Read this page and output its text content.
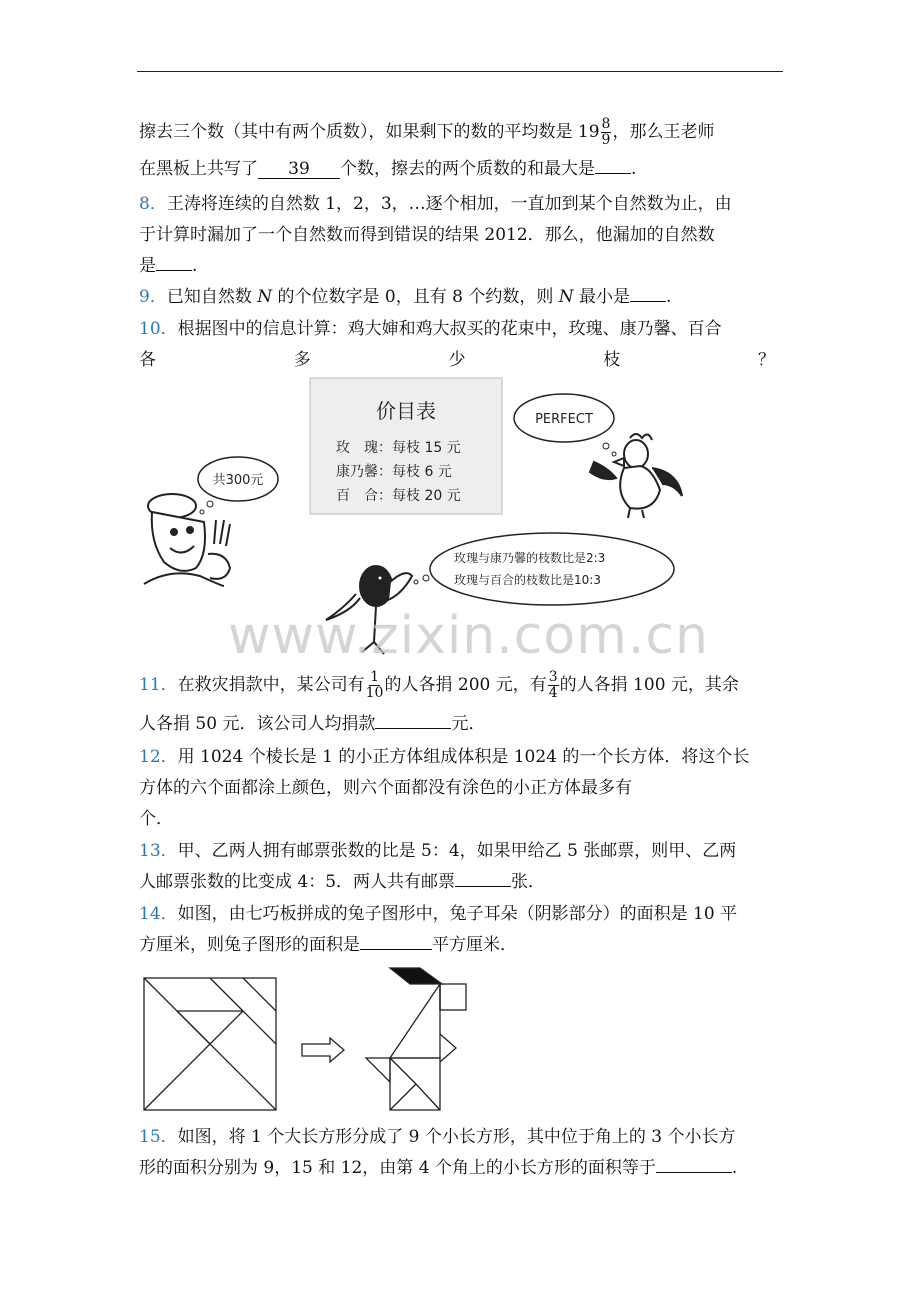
擦去三个数（其中有两个质数），如果剩下的数的平均数是 $19 \frac{8}{9}$ ，那么王老师
在黑板上共写了 39 个数，擦去的两个质数的和最大是 .
8．王涛将连续的自然数 1，2，3，…逐个相加，一直加到某个自然数为止，由
于计算时漏加了一个自然数而得到错误的结果 2012．那么，他漏加的自然数
是 .
9．已知自然数 N 的个位数字是 0，且有 8 个约数，则 N 最小是 .
10．根据图中的信息计算：鸡大婶和鸡大叔买的花束中，玫瑰、康乃馨、百合
各	多	少	枝	？
价目表
玫　瑰：每枝 15 元
康乃馨：每枝 6 元
百　合：每枝 20 元
共300元
PERFECT
玫瑰与康乃馨的枝数比是2:3
玫瑰与百合的枝数比是10:3
www.zixin.com.cn
11．在救灾捐款中，某公司有 $\frac{1}{10}$ 的人各捐 200 元，有 $\frac{3}{4}$ 的人各捐 100 元，其余
人各捐 50 元．该公司人均捐款	元．
12．用 1024 个棱长是 1 的小正方体组成体积是 1024 的一个长方体．将这个长
方体的六个面都涂上颜色，则六个面都没有涂色的小正方体最多有
个．
13．甲、乙两人拥有邮票张数的比是 5：4，如果甲给乙 5 张邮票，则甲、乙两
人邮票张数的比变成 4：5．两人共有邮票	张．
14．如图，由七巧板拼成的兔子图形中，兔子耳朵（阴影部分）的面积是 10 平
方厘米，则兔子图形的面积是	平方厘米．
15．如图，将 1 个大长方形分成了 9 个小长方形，其中位于角上的 3 个小长方
形的面积分别为 9，15 和 12，由第 4 个角上的小长方形的面积等于	.
